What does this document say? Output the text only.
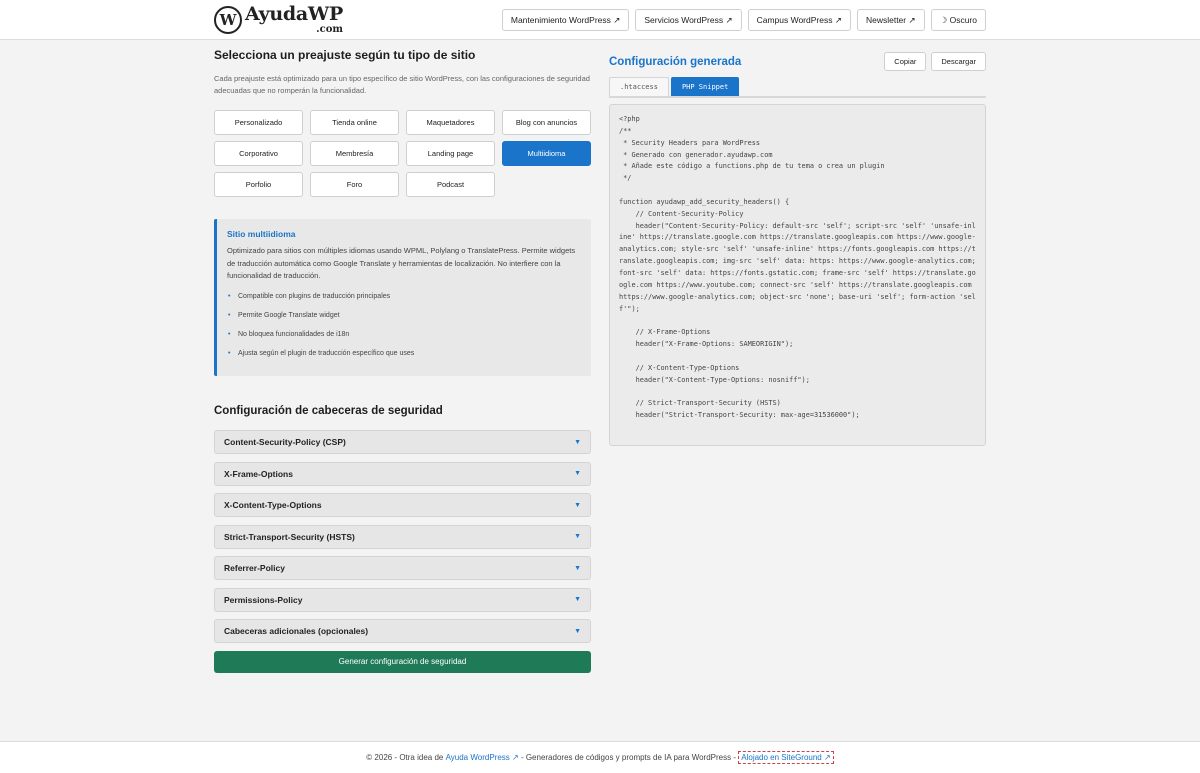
W AyudaWP
.com
Mantenimiento WordPress ↗	Servicios WordPress ↗	Campus WordPress ↗	Newsletter ↗	☽ Oscuro
Selecciona un preajuste según tu tipo de sitio
Cada preajuste está optimizado para un tipo específico de sitio WordPress, con las configuraciones de seguridad adecuadas que no romperán la funcionalidad.
Personalizado	Tienda online	Maquetadores	Blog con anuncios
Corporativo	Membresía	Landing page	Multiidioma
Porfolio	Foro	Podcast
Sitio multiidioma
Optimizado para sitios con múltiples idiomas usando WPML, Polylang o TranslatePress. Permite widgets de traducción automática como Google Translate y herramientas de localización. No interfiere con la funcionalidad de traducción.
• Compatible con plugins de traducción principales
• Permite Google Translate widget
• No bloquea funcionalidades de i18n
• Ajusta según el plugin de traducción específico que uses
Configuración de cabeceras de seguridad
Content-Security-Policy (CSP)	▼
X-Frame-Options	▼
X-Content-Type-Options	▼
Strict-Transport-Security (HSTS)	▼
Referrer-Policy	▼
Permissions-Policy	▼
Cabeceras adicionales (opcionales)	▼
Generar configuración de seguridad
Configuración generada	Copiar	Descargar
.htaccess	PHP Snippet
<?php
/**
* Security Headers para WordPress
* Generado con generador.ayudawp.com
* Añade este código a functions.php de tu tema o crea un plugin
*/

function ayudawp_add_security_headers() {
// Content-Security-Policy
header("Content-Security-Policy: default-src 'self'; script-src 'self' 'unsafe-inline' https://translate.google.com https://translate.googleapis.com https://www.google-analytics.com; style-src 'self' 'unsafe-inline' https://fonts.googleapis.com https://translate.googleapis.com; img-src 'self' data: https: https://www.google-analytics.com; font-src 'self' data: https://fonts.gstatic.com; frame-src 'self' https://translate.google.com https://www.youtube.com; connect-src 'self' https://translate.googleapis.com https://www.google-analytics.com; object-src 'none'; base-uri 'self'; form-action 'self'");

// X-Frame-Options
header("X-Frame-Options: SAMEORIGIN");

// X-Content-Type-Options
header("X-Content-Type-Options: nosniff");

// Strict-Transport-Security (HSTS)
header("Strict-Transport-Security: max-age=31536000");
© 2026 - Otra idea de
Ayuda WordPress ↗
- Generadores de códigos y prompts de IA para WordPress -
Alojado en SiteGround ↗
